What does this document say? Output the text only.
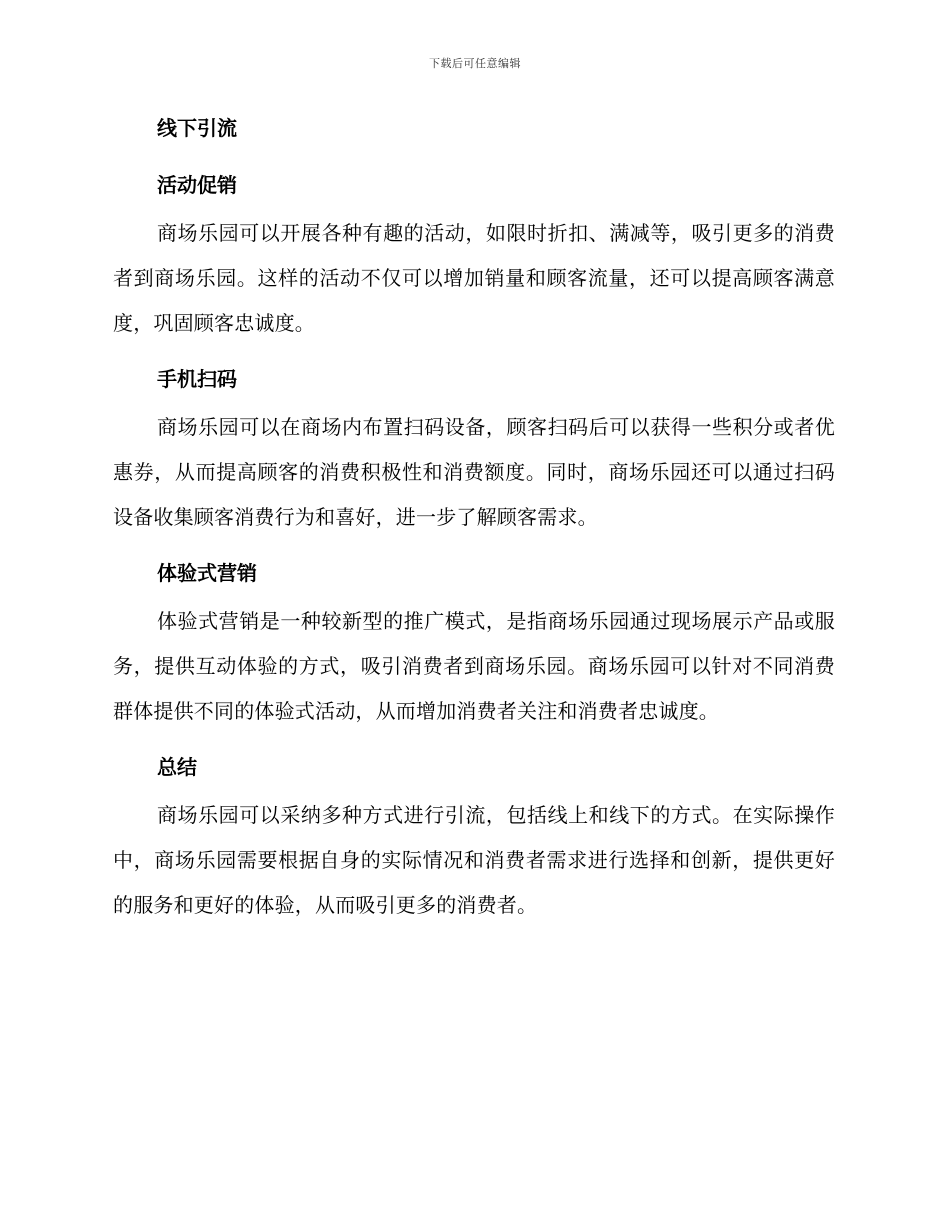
下载后可任意编辑
线下引流
活动促销

商场乐园可以开展各种有趣的活动，如限时折扣、满减等，吸引更多的消费者到商场乐园。这样的活动不仅可以增加销量和顾客流量，还可以提高顾客满意度，巩固顾客忠诚度。

手机扫码

商场乐园可以在商场内布置扫码设备，顾客扫码后可以获得一些积分或者优惠券，从而提高顾客的消费积极性和消费额度。同时，商场乐园还可以通过扫码设备收集顾客消费行为和喜好，进一步了解顾客需求。

体验式营销

体验式营销是一种较新型的推广模式，是指商场乐园通过现场展示产品或服务，提供互动体验的方式，吸引消费者到商场乐园。商场乐园可以针对不同消费群体提供不同的体验式活动，从而增加消费者关注和消费者忠诚度。

总结

商场乐园可以采纳多种方式进行引流，包括线上和线下的方式。在实际操作中，商场乐园需要根据自身的实际情况和消费者需求进行选择和创新，提供更好的服务和更好的体验，从而吸引更多的消费者。
